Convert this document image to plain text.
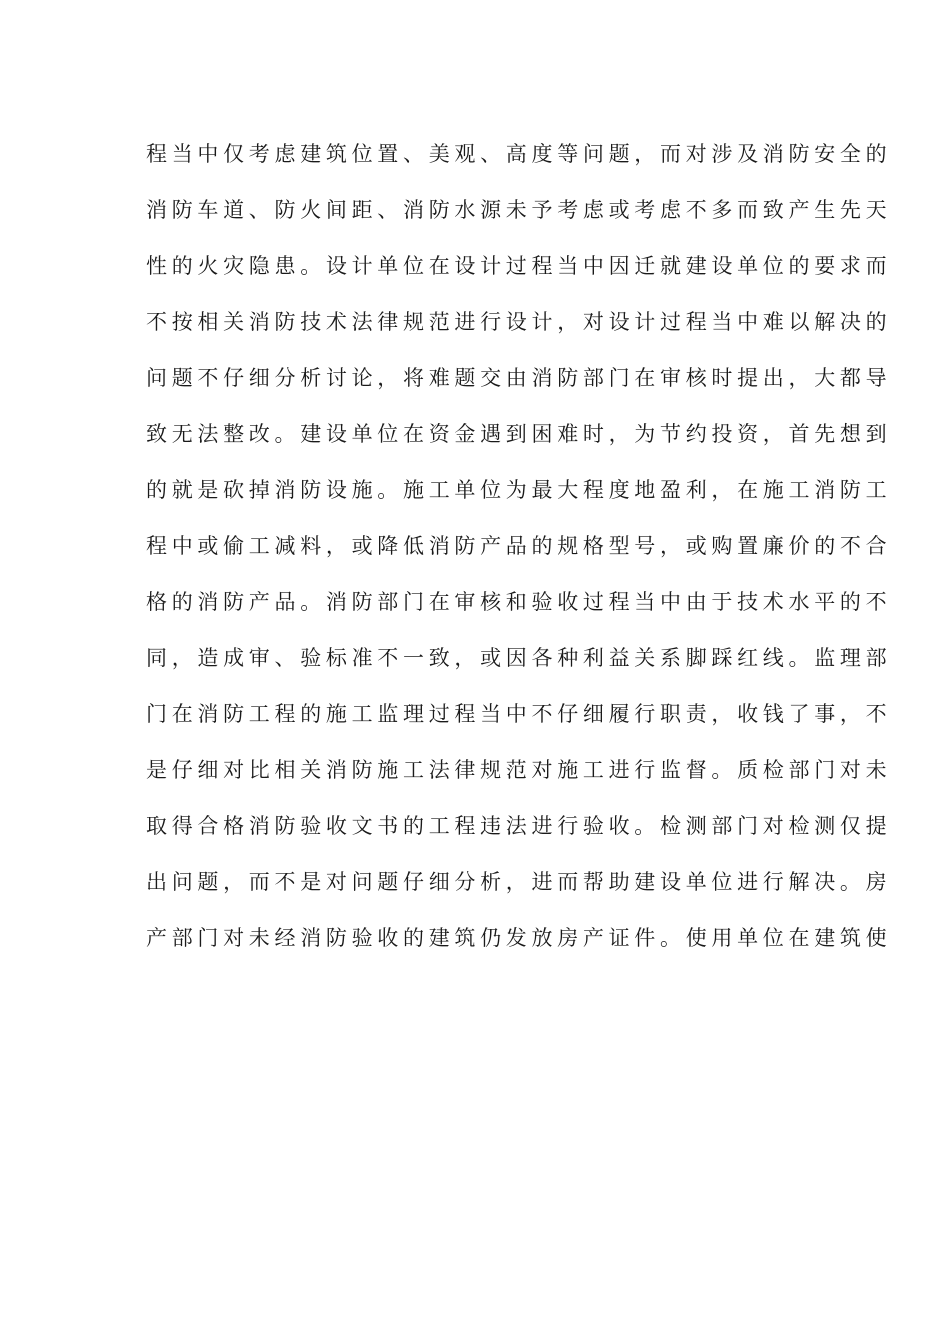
程当中仅考虑建筑位置、美观、高度等问题，而对涉及消防安全的
消防车道、防火间距、消防水源未予考虑或考虑不多而致产生先天
性的火灾隐患。设计单位在设计过程当中因迁就建设单位的要求而
不按相关消防技术法律规范进行设计，对设计过程当中难以解决的
问题不仔细分析讨论，将难题交由消防部门在审核时提出，大都导
致无法整改。建设单位在资金遇到困难时，为节约投资，首先想到
的就是砍掉消防设施。施工单位为最大程度地盈利，在施工消防工
程中或偷工减料，或降低消防产品的规格型号，或购置廉价的不合
格的消防产品。消防部门在审核和验收过程当中由于技术水平的不
同，造成审、验标准不一致，或因各种利益关系脚踩红线。监理部
门在消防工程的施工监理过程当中不仔细履行职责，收钱了事，不
是仔细对比相关消防施工法律规范对施工进行监督。质检部门对未
取得合格消防验收文书的工程违法进行验收。检测部门对检测仅提
出问题，而不是对问题仔细分析，进而帮助建设单位进行解决。房
产部门对未经消防验收的建筑仍发放房产证件。使用单位在建筑使
